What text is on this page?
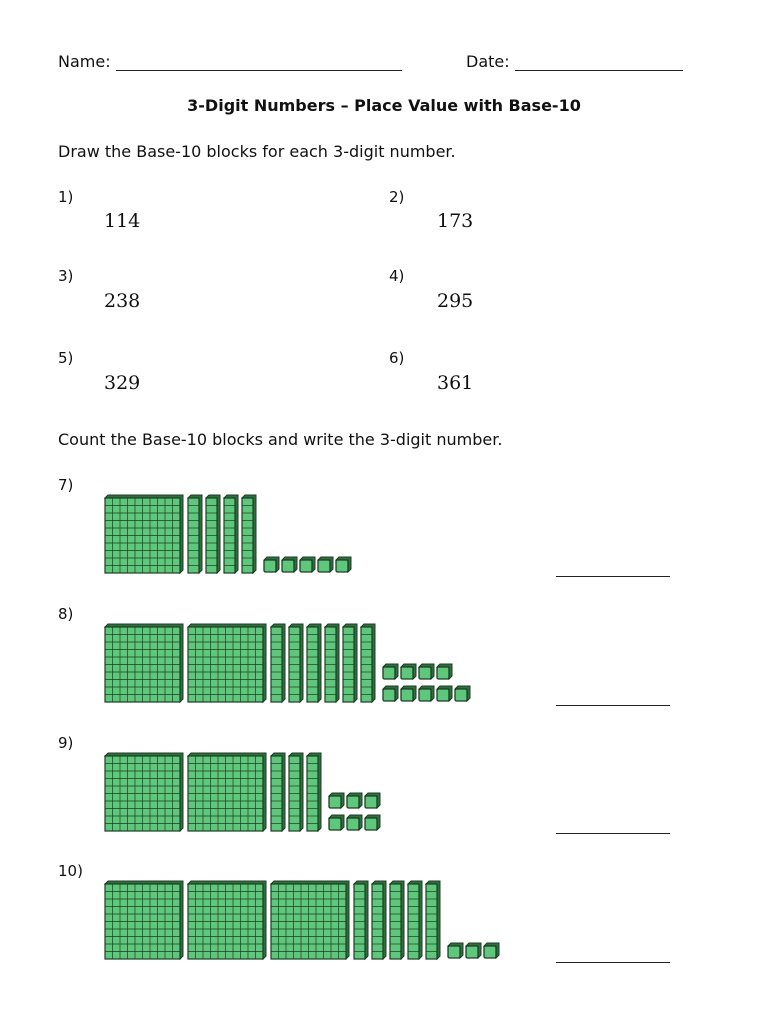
Name:	Date:
3-Digit Numbers – Place Value with Base-10
Draw the Base-10 blocks for each 3-digit number.
1)
114
2)
173
3)
238
4)
295
5)
329
6)
361
Count the Base-10 blocks and write the 3-digit number.
7)
8)
9)
10)
